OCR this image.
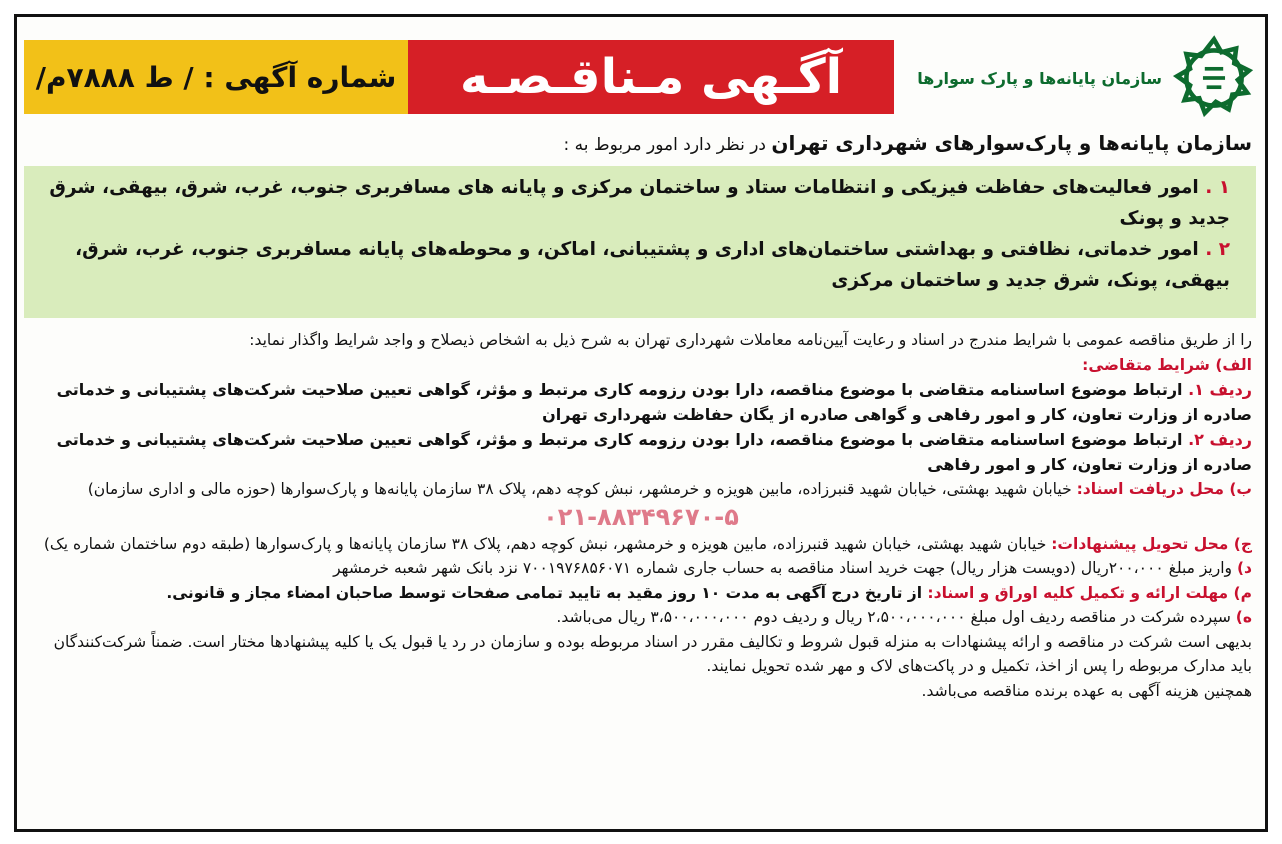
شماره آگهی : / ط ۷۸۸۸م/	آگـهی مـناقـصـه	سازمان پایانه‌ها و پارک سوارها
سازمان پایانه‌ها و پارک‌سوارهای شهرداری تهران در نظر دارد امور مربوط به :
۱ . امور فعالیت‌های حفاظت فیزیکی و انتظامات ستاد و ساختمان مرکزی و پایانه های مسافربری جنوب، غرب، شرق، بیهقی، شرق جدید و پونک
۲ . امور خدماتی، نظافتی و بهداشتی ساختمان‌های اداری و پشتیبانی، اماکن، و محوطه‌های پایانه مسافربری جنوب، غرب، شرق، بیهقی، پونک، شرق جدید و ساختمان مرکزی

را از طریق مناقصه عمومی با شرایط مندرج در اسناد و رعایت آیین‌نامه معاملات شهرداری تهران به شرح ذیل به اشخاص ذیصلاح و واجد شرایط واگذار نماید:

الف) شرایط متقاضی:

ردیف ۱. ارتباط موضوع اساسنامه متقاضی با موضوع مناقصه، دارا بودن رزومه کاری مرتبط و مؤثر، گواهی تعیین صلاحیت شرکت‌های پشتیبانی و خدماتی صادره از وزارت تعاون، کار و امور رفاهی و گواهی صادره از یگان حفاظت شهرداری تهران

ردیف ۲. ارتباط موضوع اساسنامه متقاضی با موضوع مناقصه، دارا بودن رزومه کاری مرتبط و مؤثر، گواهی تعیین صلاحیت شرکت‌های پشتیبانی و خدماتی صادره از وزارت تعاون، کار و امور رفاهی

ب) محل دریافت اسناد: خیابان شهید بهشتی، خیابان شهید قنبرزاده، مابین هویزه و خرمشهر، نبش کوچه دهم، پلاک ۳۸ سازمان پایانه‌ها و پارک‌سوارها (حوزه مالی و اداری سازمان)

۰۲۱-۸۸۳۴۹۶۷۰-۵

ج) محل تحویل پیشنهادات: خیابان شهید بهشتی، خیابان شهید قنبرزاده، مابین هویزه و خرمشهر، نبش کوچه دهم، پلاک ۳۸ سازمان پایانه‌ها و پارک‌سوارها (طبقه دوم ساختمان شماره یک)

د) واریز مبلغ ۲۰۰،۰۰۰ریال (دویست هزار ریال) جهت خرید اسناد مناقصه به حساب جاری شماره ۷۰۰۱۹۷۶۸۵۶۰۷۱ نزد بانک شهر شعبه خرمشهر

م) مهلت ارائه و تکمیل کلیه اوراق و اسناد: از تاریخ درج آگهی به مدت ۱۰ روز مقید به تایید تمامی صفحات توسط صاحبان امضاء مجاز و قانونی.

ه) سپرده شرکت در مناقصه ردیف اول مبلغ ۲،۵۰۰،۰۰۰،۰۰۰ ریال و ردیف دوم ۳،۵۰۰،۰۰۰،۰۰۰ ریال می‌باشد.

بدیهی است شرکت در مناقصه و ارائه پیشنهادات به منزله قبول شروط و تکالیف مقرر در اسناد مربوطه بوده و سازمان در رد یا قبول یک یا کلیه پیشنهادها مختار است. ضمناً شرکت‌کنندگان باید مدارک مربوطه را پس از اخذ، تکمیل و در پاکت‌های لاک و مهر شده تحویل نمایند.

همچنین هزینه آگهی به عهده برنده مناقصه می‌باشد.
